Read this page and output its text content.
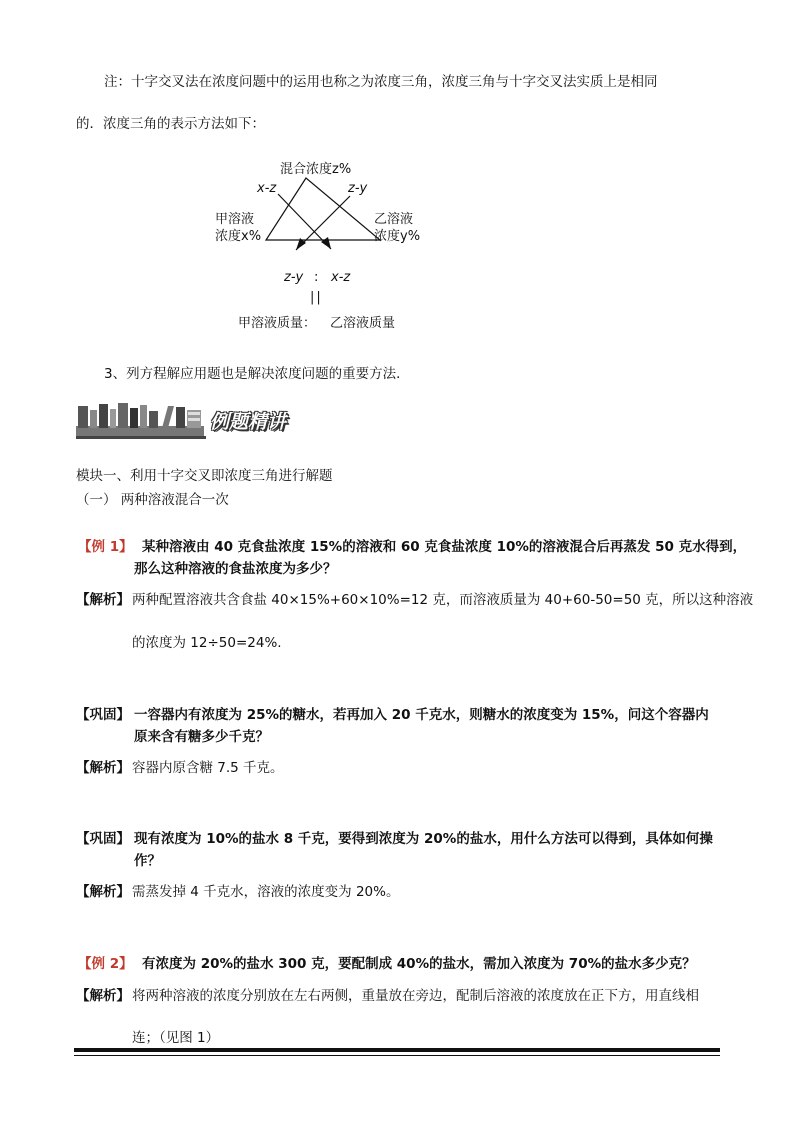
注：十字交叉法在浓度问题中的运用也称之为浓度三角，浓度三角与十字交叉法实质上是相同
的．浓度三角的表示方法如下：
混合浓度z%
x-z	z-y
甲溶液
浓度x%
乙溶液
浓度y%
z-y : x-z
||
甲溶液质量： 乙溶液质量
3、列方程解应用题也是解决浓度问题的重要方法．
例题精讲
模块一、利用十字交叉即浓度三角进行解题
（一） 两种溶液混合一次
【例 1】 某种溶液由 40 克食盐浓度 15%的溶液和 60 克食盐浓度 10%的溶液混合后再蒸发 50 克水得到，
那么这种溶液的食盐浓度为多少？
【解析】 两种配置溶液共含食盐 40×15%+60×10%=12 克，而溶液质量为 40+60-50=50 克，所以这种溶液
的浓度为 12÷50=24%.
【巩固】 一容器内有浓度为 25%的糖水，若再加入 20 千克水，则糖水的浓度变为 15%，问这个容器内
原来含有糖多少千克？
【解析】 容器内原含糖 7.5 千克。
【巩固】 现有浓度为 10%的盐水 8 千克，要得到浓度为 20%的盐水，用什么方法可以得到，具体如何操
作？
【解析】 需蒸发掉 4 千克水，溶液的浓度变为 20%。
【例 2】 有浓度为 20%的盐水 300 克，要配制成 40%的盐水，需加入浓度为 70%的盐水多少克？
【解析】 将两种溶液的浓度分别放在左右两侧，重量放在旁边，配制后溶液的浓度放在正下方，用直线相
连；（见图 1）
